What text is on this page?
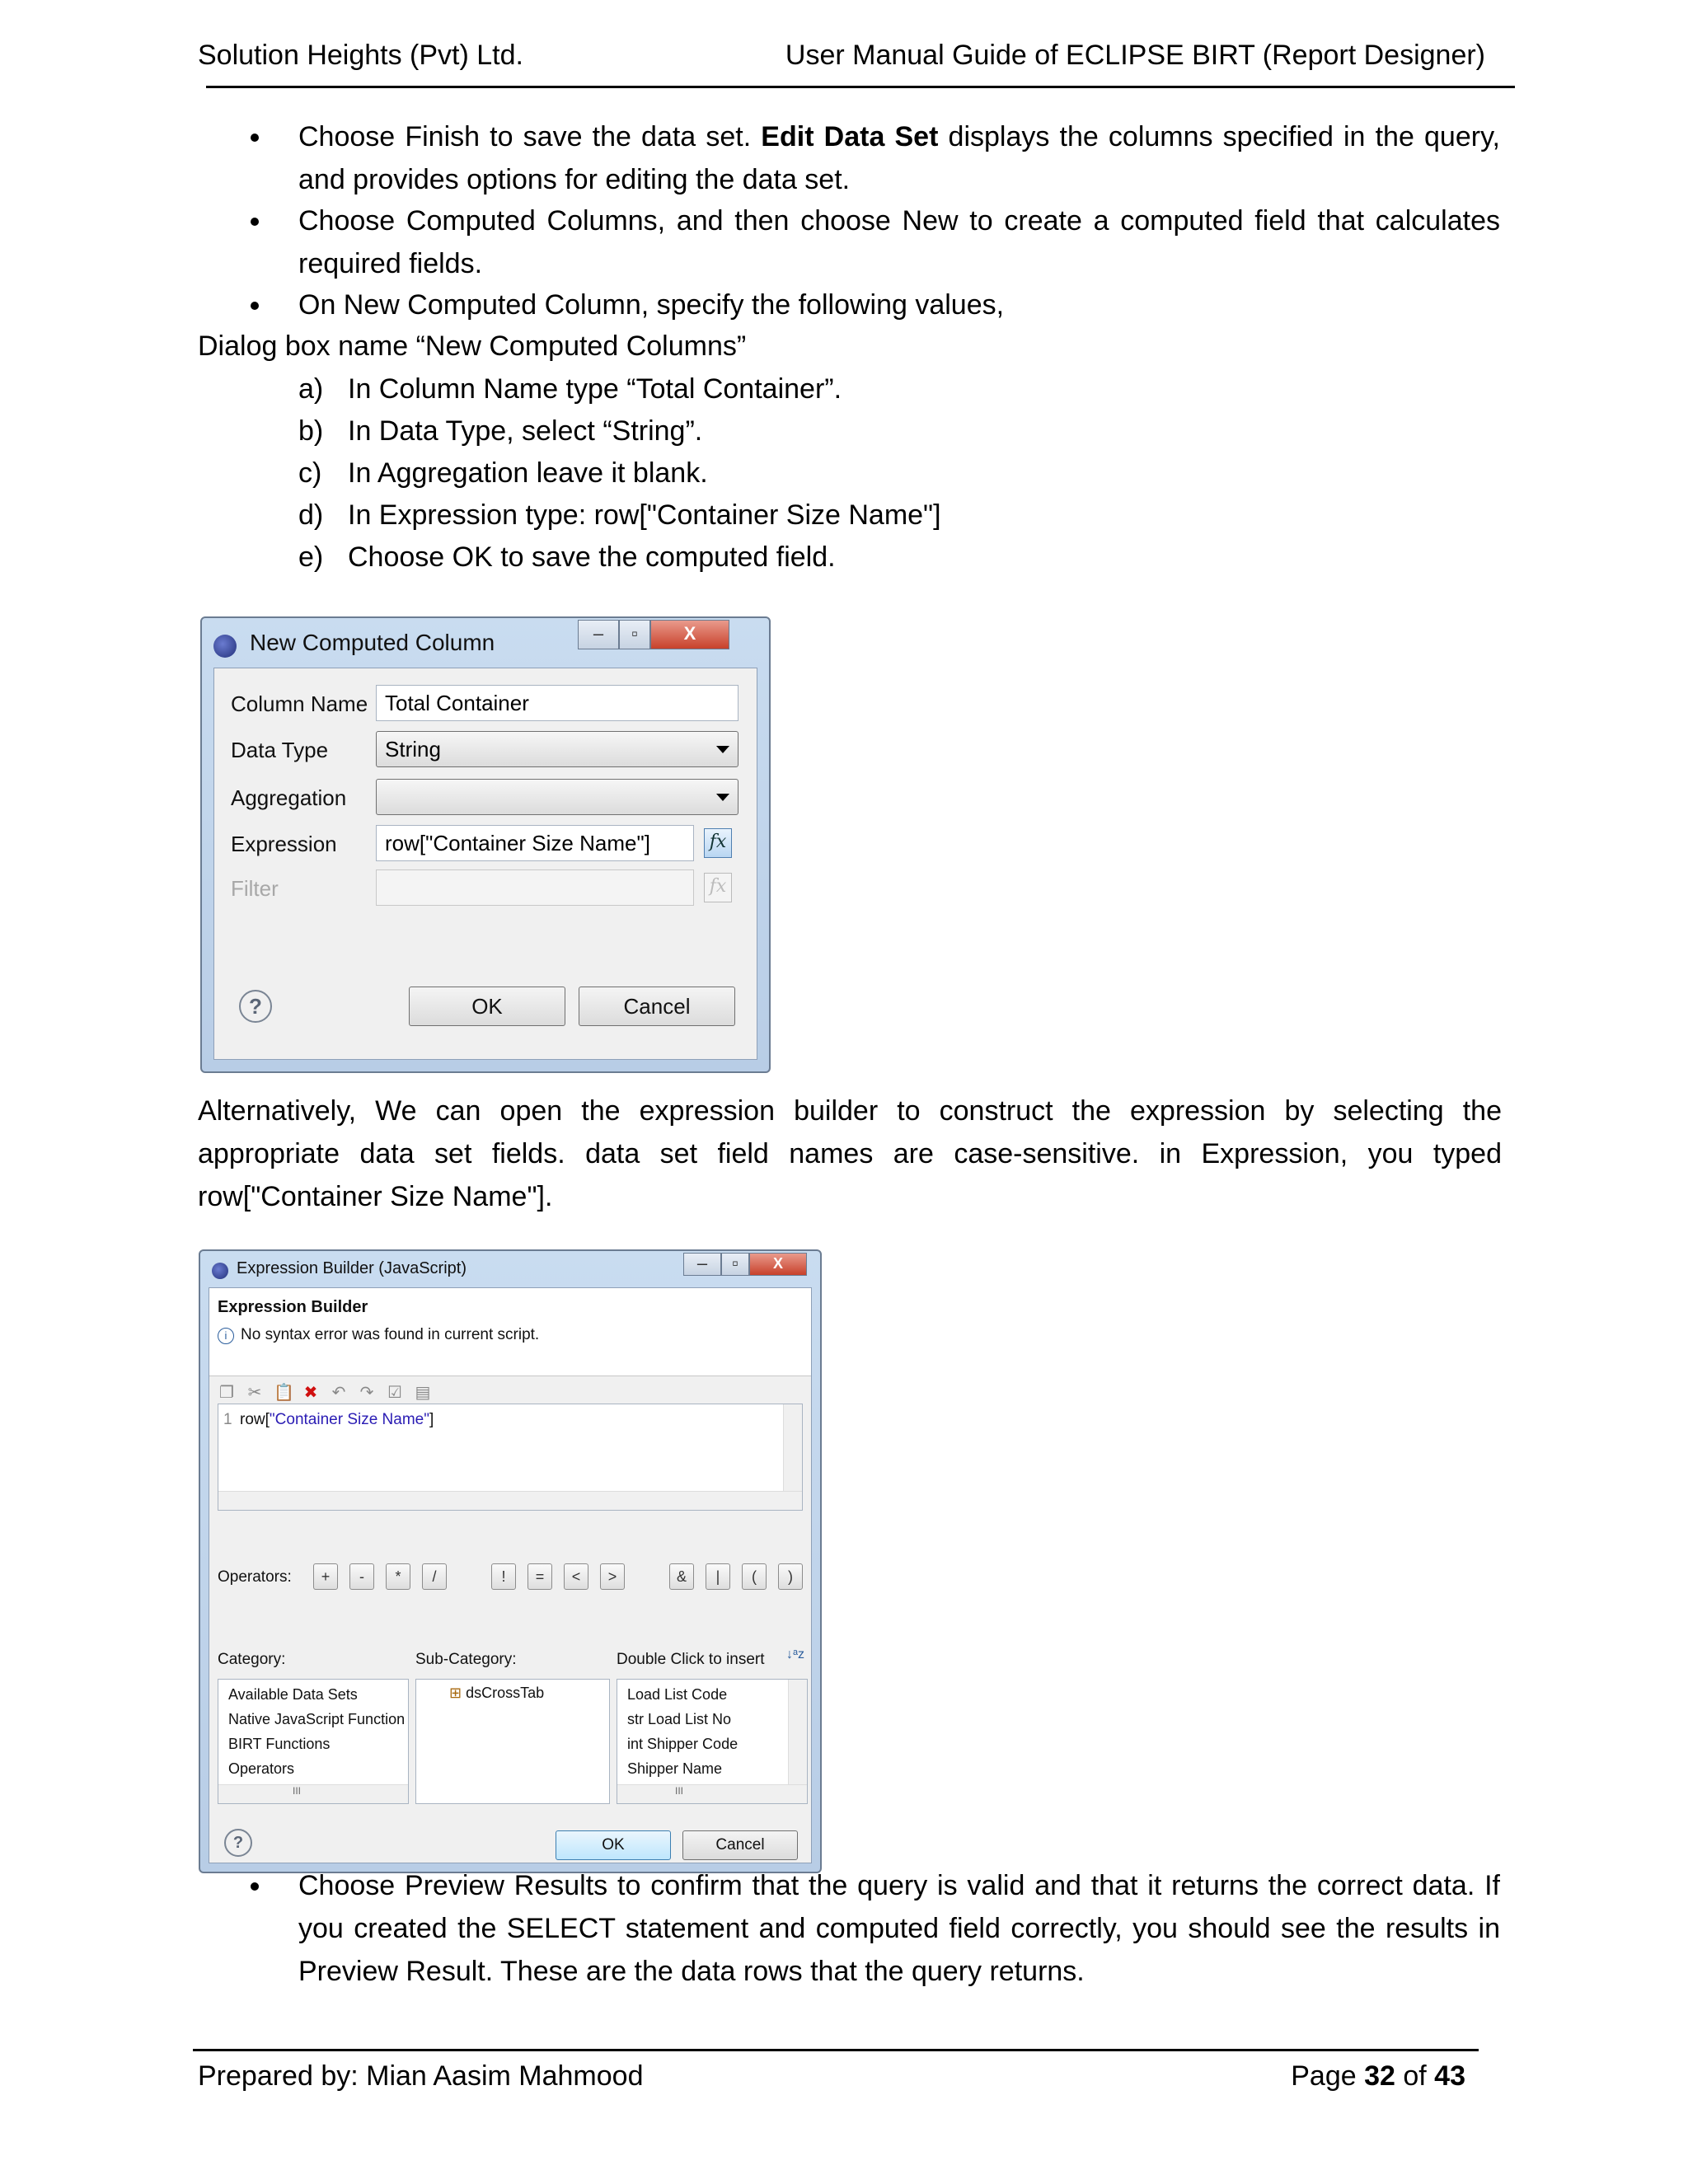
Solution Heights (Pvt) Ltd.	User Manual Guide of ECLIPSE BIRT (Report Designer)
Choose Finish to save the data set. Edit Data Set displays the columns specified in the query, and provides options for editing the data set.
Choose Computed Columns, and then choose New to create a computed field that calculates required fields.
On New Computed Column, specify the following values,
Dialog box name “New Computed Columns”
a) In Column Name type “Total Container”.
b) In Data Type, select “String”.
c) In Aggregation leave it blank.
d) In Expression type: row["Container Size Name"]
e) Choose OK to save the computed field.
New Computed Column	–	▫	X
Column Name Total Container
Data Type	String
Aggregation
Expression	row["Container Size Name"]	fx
Filter	fx
?	OK	Cancel
Alternatively, We can open the expression builder to construct the expression by selecting the appropriate data set fields. data set field names are case-sensitive. in Expression, you typed row["Container Size Name"].
Expression Builder (JavaScript)	–	▫	X
Expression Builder
i No syntax error was found in current script.
❐ ✂ 📋 ✖ ↶ ↷ ☑ ▤
1 row["Container Size Name"]
Operators:	+	-	*	/	!	=	<	>	&	|	(	)
Category:	Sub-Category:	Double Click to insert ↓ᵃz
Available Data Sets
Native JavaScript Function
BIRT Functions
Operators
III
⊞ dsCrossTab	Load List Code
str Load List No
int Shipper Code
Shipper Name
III
?	OK	Cancel
Choose Preview Results to confirm that the query is valid and that it returns the correct data. If you created the SELECT statement and computed field correctly, you should see the results in Preview Result. These are the data rows that the query returns.
Prepared by: Mian Aasim Mahmood	Page 32 of 43
